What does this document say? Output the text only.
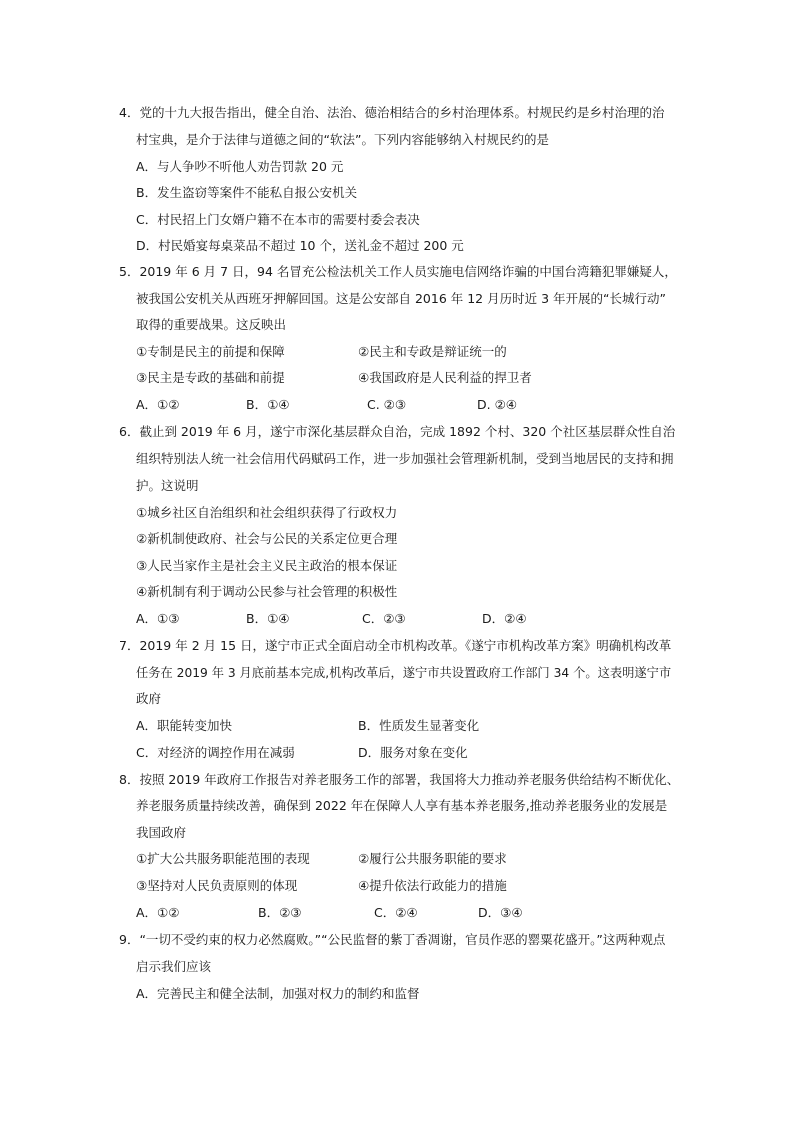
4．党的十九大报告指出，健全自治、法治、德治相结合的乡村治理体系。村规民约是乡村治理的治
村宝典，是介于法律与道德之间的“软法”。下列内容能够纳入村规民约的是
A．与人争吵不听他人劝告罚款 20 元
B．发生盗窃等案件不能私自报公安机关
C．村民招上门女婿户籍不在本市的需要村委会表决
D．村民婚宴每桌菜品不超过 10 个，送礼金不超过 200 元
5．2019 年 6 月 7 日，94 名冒充公检法机关工作人员实施电信网络诈骗的中国台湾籍犯罪嫌疑人，
被我国公安机关从西班牙押解回国。这是公安部自 2016 年 12 月历时近 3 年开展的“长城行动”
取得的重要战果。这反映出
①专制是民主的前提和保障	②民主和专政是辩证统一的
③民主是专政的基础和前提	④我国政府是人民利益的捍卫者
A．①②	B．①④	C. ②③	D. ②④
6．截止到 2019 年 6 月，遂宁市深化基层群众自治，完成 1892 个村、320 个社区基层群众性自治
组织特别法人统一社会信用代码赋码工作，进一步加强社会管理新机制，受到当地居民的支持和拥
护。这说明
①城乡社区自治组织和社会组织获得了行政权力
②新机制使政府、社会与公民的关系定位更合理
③人民当家作主是社会主义民主政治的根本保证
④新机制有利于调动公民参与社会管理的积极性
A．①③	B．①④	C．②③	D．②④
7．2019 年 2 月 15 日，遂宁市正式全面启动全市机构改革。《遂宁市机构改革方案》明确机构改革
任务在 2019 年 3 月底前基本完成,机构改革后，遂宁市共设置政府工作部门 34 个。这表明遂宁市
政府
A．职能转变加快	B．性质发生显著变化
C．对经济的调控作用在减弱	D．服务对象在变化
8．按照 2019 年政府工作报告对养老服务工作的部署，我国将大力推动养老服务供给结构不断优化、
养老服务质量持续改善，确保到 2022 年在保障人人享有基本养老服务,推动养老服务业的发展是
我国政府
①扩大公共服务职能范围的表现	②履行公共服务职能的要求
③坚持对人民负责原则的体现	④提升依法行政能力的措施
A．①②	B．②③	C．②④	D．③④
9．“一切不受约束的权力必然腐败。”“公民监督的紫丁香凋谢，官员作恶的罂粟花盛开。”这两种观点
启示我们应该
A．完善民主和健全法制，加强对权力的制约和监督
